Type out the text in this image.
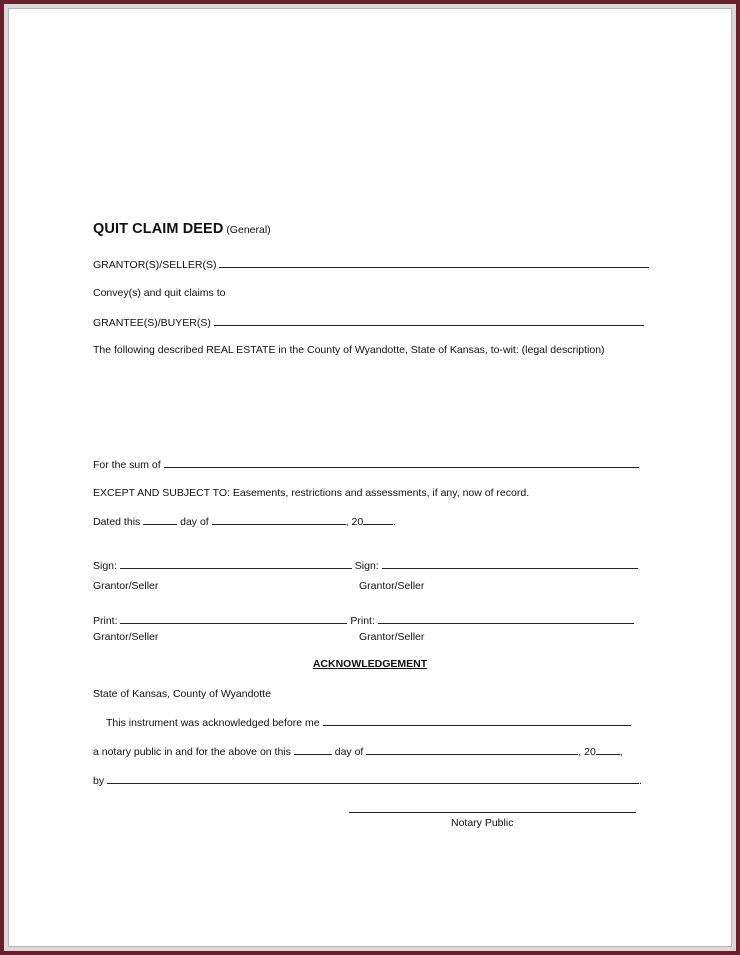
QUIT CLAIM DEED (General)
GRANTOR(S)/SELLER(S)
Convey(s) and quit claims to
GRANTEE(S)/BUYER(S)
The following described REAL ESTATE in the County of Wyandotte, State of Kansas, to-wit: (legal description)
For the sum of
EXCEPT AND SUBJECT TO: Easements, restrictions and assessments, if any, now of record.
Dated this	day of	, 20	.
Sign:	Sign:
Grantor/Seller	Grantor/Seller
Print:	Print:
Grantor/Seller	Grantor/Seller
ACKNOWLEDGEMENT
State of Kansas, County of Wyandotte
This instrument was acknowledged before me
a notary public in and for the above on this	day of	, 20 ,
by	.
Notary Public
